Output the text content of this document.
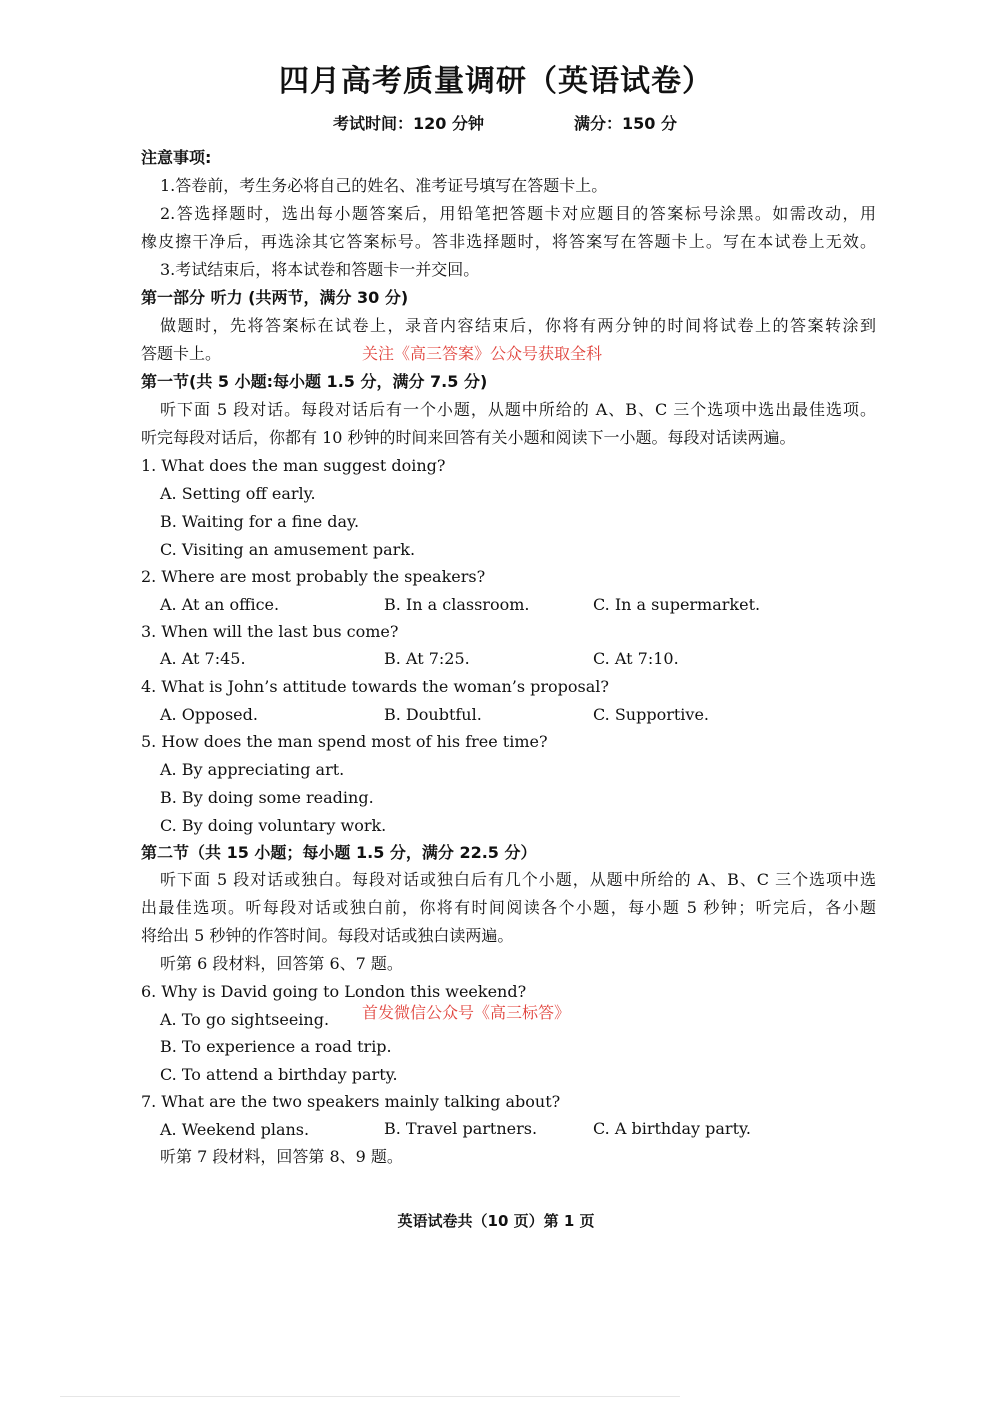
四月高考质量调研（英语试卷）
考试时间：120 分钟	满分：150 分
注意事项:
1.答卷前，考生务必将自己的姓名、准考证号填写在答题卡上。
2.答选择题时，选出每小题答案后，用铅笔把答题卡对应题目的答案标号涂黑。如需改动，用
橡皮擦干净后，再选涂其它答案标号。答非选择题时，将答案写在答题卡上。写在本试卷上无效。
3.考试结束后，将本试卷和答题卡一并交回。
第一部分 听力 (共两节，满分 30 分)
做题时，先将答案标在试卷上，录音内容结束后，你将有两分钟的时间将试卷上的答案转涂到
答题卡上。	关注《高三答案》公众号获取全科
第一节(共 5 小题:每小题 1.5 分，满分 7.5 分)
听下面 5 段对话。每段对话后有一个小题，从题中所给的 A、B、C 三个选项中选出最佳选项。
听完每段对话后，你都有 10 秒钟的时间来回答有关小题和阅读下一小题。每段对话读两遍。
1. What does the man suggest doing?
A. Setting off early.
B. Waiting for a fine day.
C. Visiting an amusement park.
2. Where are most probably the speakers?
A. At an office.	B. In a classroom.	C. In a supermarket.
3. When will the last bus come?
A. At 7:45.	B. At 7:25.	C. At 7:10.
4. What is John’s attitude towards the woman’s proposal?
A. Opposed.	B. Doubtful.	C. Supportive.
5. How does the man spend most of his free time?
A. By appreciating art.
B. By doing some reading.
C. By doing voluntary work.
第二节（共 15 小题；每小题 1.5 分，满分 22.5 分）
听下面 5 段对话或独白。每段对话或独白后有几个小题，从题中所给的 A、B、C 三个选项中选
出最佳选项。听每段对话或独白前，你将有时间阅读各个小题，每小题 5 秒钟；听完后，各小题
将给出 5 秒钟的作答时间。每段对话或独白读两遍。
听第 6 段材料，回答第 6、7 题。
6. Why is David going to London this weekend?
A. To go sightseeing. 首发微信公众号《高三标答》
B. To experience a road trip.
C. To attend a birthday party.
7. What are the two speakers mainly talking about?
A. Weekend plans.	B. Travel partners.	C. A birthday party.
听第 7 段材料，回答第 8、9 题。
英语试卷共（10 页）第 1 页
